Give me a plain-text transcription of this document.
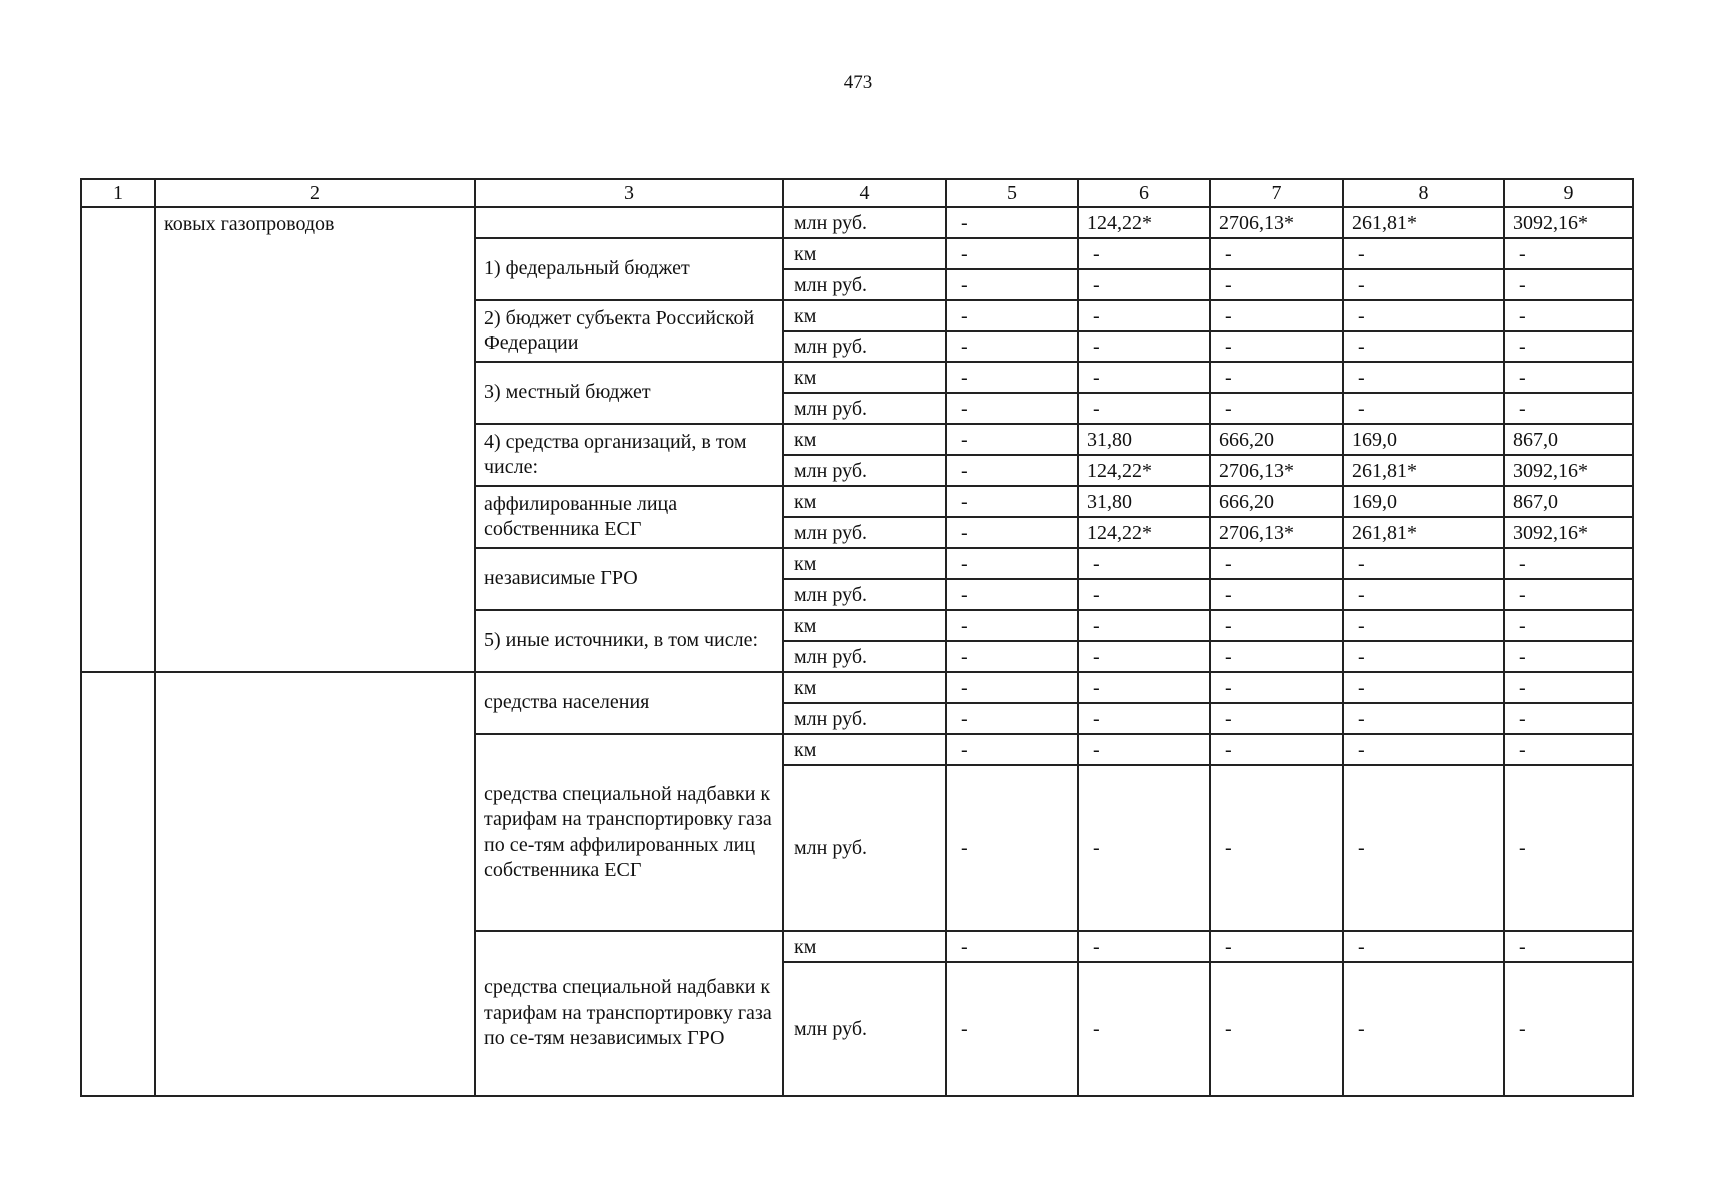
473
1	2	3	4	5	6	7	8	9
	ковых газопроводов		млн руб.	-	124,22*	2706,13*	261,81*	3092,16*
		1) федеральный бюджет	км	-	-	-	-	-
			млн руб.	-	-	-	-	-
		2) бюджет субъекта Российской Федерации	км	-	-	-	-	-
			млн руб.	-	-	-	-	-
		3) местный бюджет	км	-	-	-	-	-
			млн руб.	-	-	-	-	-
		4) средства организаций, в том числе:	км	-	31,80	666,20	169,0	867,0
			млн руб.	-	124,22*	2706,13*	261,81*	3092,16*
		аффилированные лица собственника ЕСГ	км	-	31,80	666,20	169,0	867,0
			млн руб.	-	124,22*	2706,13*	261,81*	3092,16*
		независимые ГРО	км	-	-	-	-	-
			млн руб.	-	-	-	-	-
		5) иные источники, в том числе:	км	-	-	-	-	-
			млн руб.	-	-	-	-	-
		средства населения	км	-	-	-	-	-
			млн руб.	-	-	-	-	-
		средства специальной надбавки к тарифам на транспортировку газа по се-тям аффилированных лиц собственника ЕСГ	км	-	-	-	-	-
			млн руб.	-	-	-	-	-
		средства специальной надбавки к тарифам на транспортировку газа по се-тям независимых ГРО	км	-	-	-	-	-
			млн руб.	-	-	-	-	-
